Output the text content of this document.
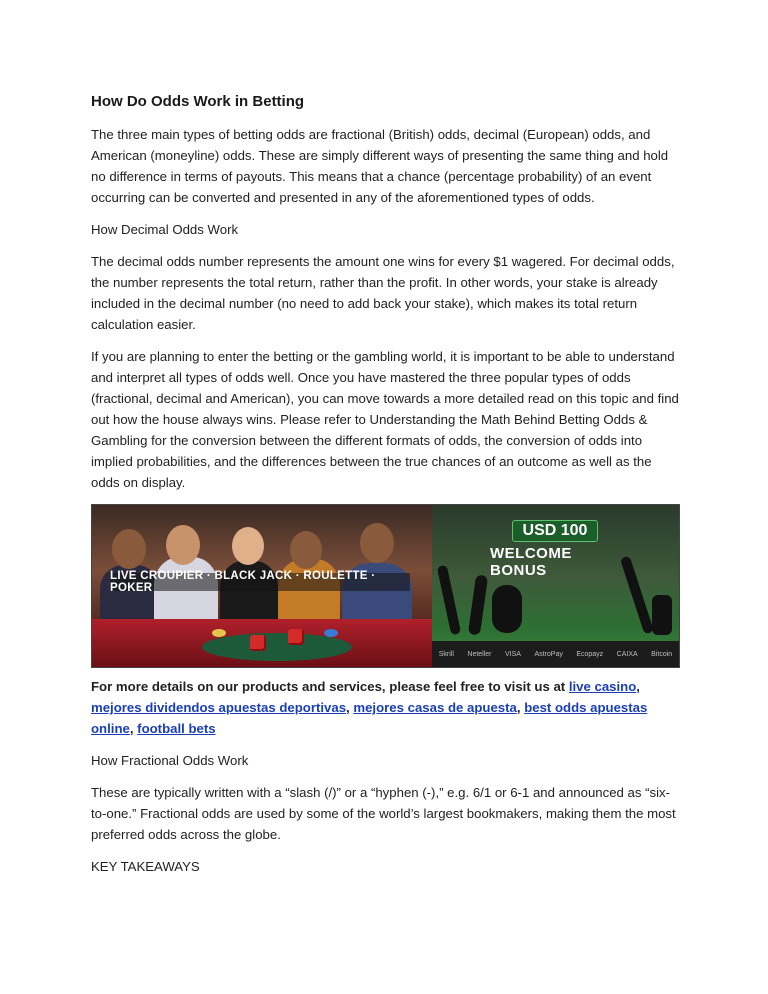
How Do Odds Work in Betting

The three main types of betting odds are fractional (British) odds, decimal (European) odds, and American (moneyline) odds. These are simply different ways of presenting the same thing and hold no difference in terms of payouts. This means that a chance (percentage probability) of an event occurring can be converted and presented in any of the aforementioned types of odds.

How Decimal Odds Work

The decimal odds number represents the amount one wins for every $1 wagered. For decimal odds, the number represents the total return, rather than the profit. In other words, your stake is already included in the decimal number (no need to add back your stake), which makes its total return calculation easier.

If you are planning to enter the betting or the gambling world, it is important to be able to understand and interpret all types of odds well. Once you have mastered the three popular types of odds (fractional, decimal and American), you can move towards a more detailed read on this topic and find out how the house always wins. Please refer to Understanding the Math Behind Betting Odds & Gambling for the conversion between the different formats of odds, the conversion of odds into implied probabilities, and the differences between the true chances of an outcome as well as the odds on display.

LIVE CROUPIER · BLACK JACK · ROULETTE · POKER
USD 100
WELCOME BONUS
Skrill Neteller VISA AstroPay Ecopayz CAIXA Bitcoin

For more details on our products and services, please feel free to visit us at live casino, mejores dividendos apuestas deportivas, mejores casas de apuesta, best odds apuestas online, football bets

How Fractional Odds Work

These are typically written with a “slash (/)” or a “hyphen (-),” e.g. 6/1 or 6-1 and announced as “six-to-one.” Fractional odds are used by some of the world’s largest bookmakers, making them the most preferred odds across the globe.

KEY TAKEAWAYS
